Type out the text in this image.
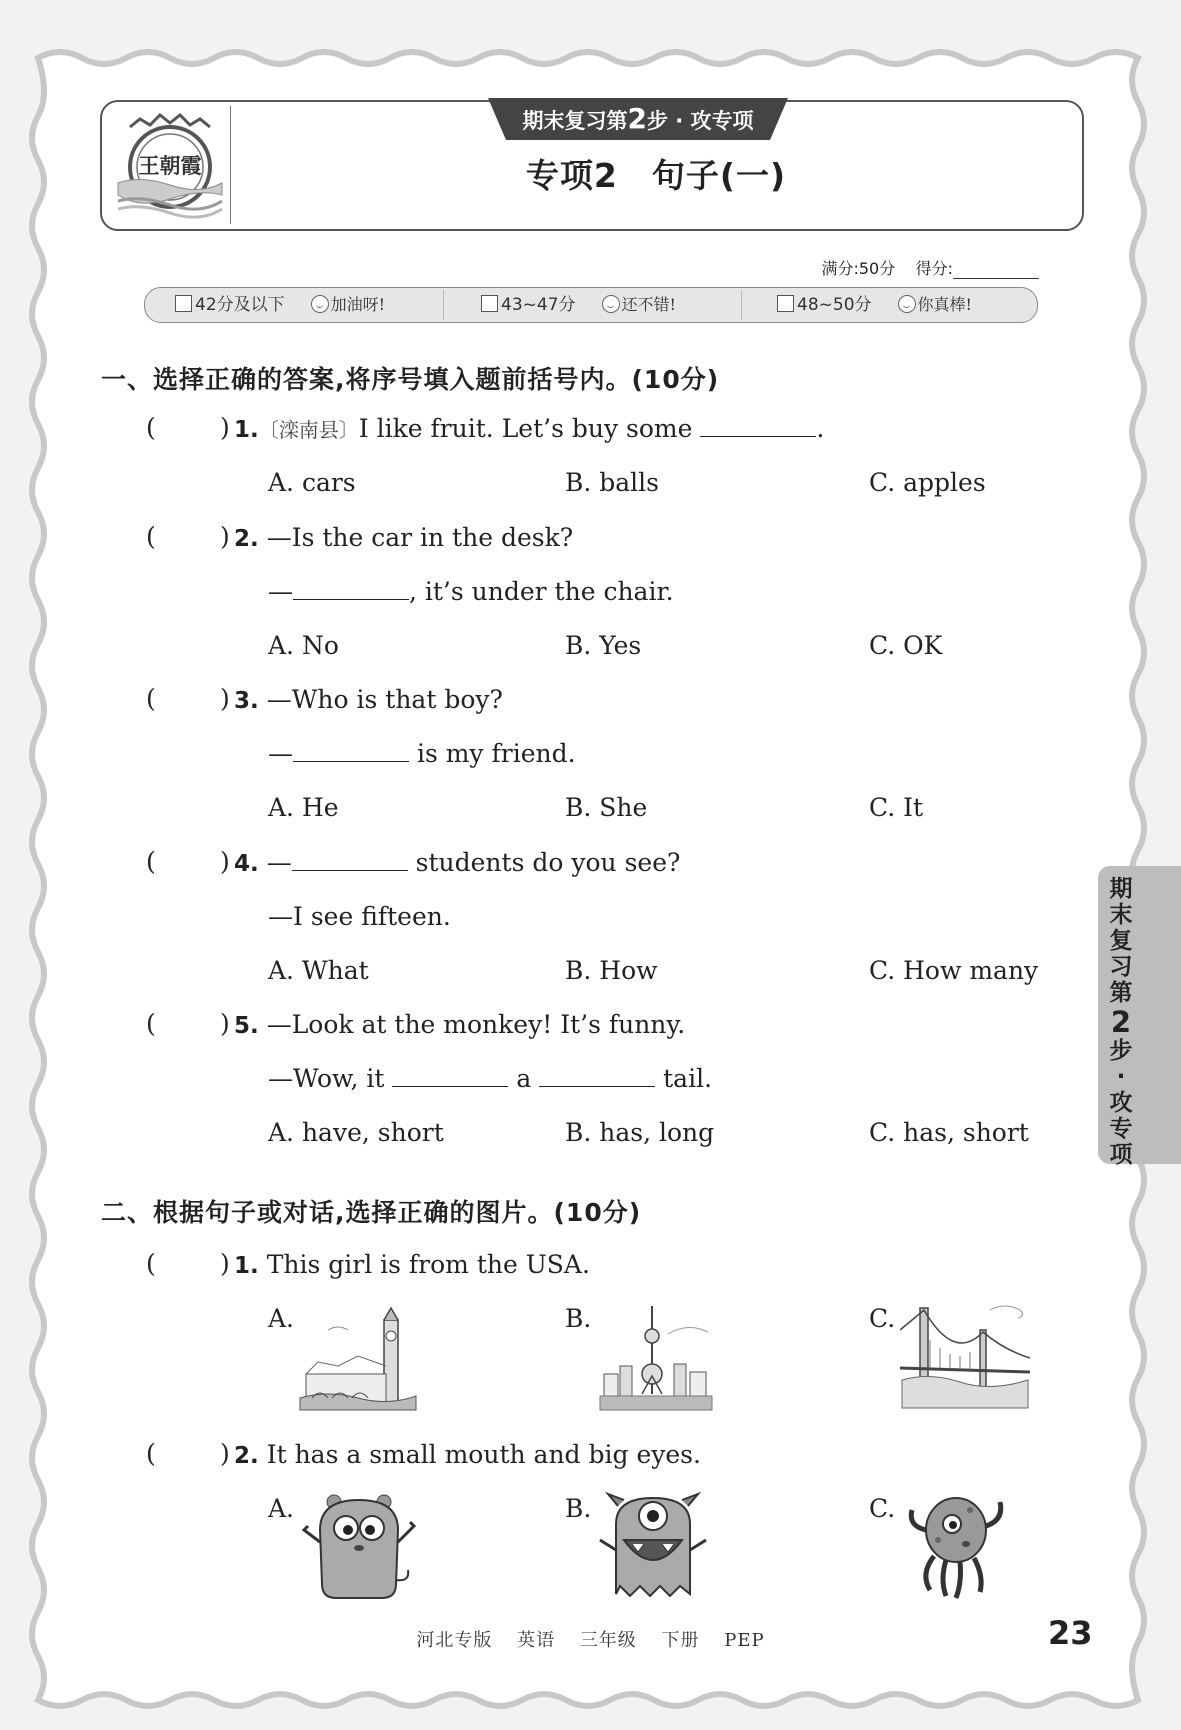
王朝霞
期末复习第2步 · 攻专项
专项2　句子(一)
满分:50分 得分:
42分及以下	加油呀!	43~47分	还不错!	48~50分	你真棒!
一、选择正确的答案,将序号填入题前括号内。(10分)
(	) 1.〔滦南县〕I like fruit. Let’s buy some	.
A. cars	B. balls	C. apples
(	) 2. —Is the car in the desk?
—	, it’s under the chair.
A. No	B. Yes	C. OK
(	) 3. —Who is that boy?
—	is my friend.
A. He	B. She	C. It
(	) 4. —	students do you see?
—I see fifteen.
A. What	B. How	C. How many
(	) 5. —Look at the monkey! It’s funny.
—Wow, it	a	tail.
A. have, short	B. has, long	C. has, short
二、根据句子或对话,选择正确的图片。(10分)
(	) 1. This girl is from the USA.
A.	B.	C.
(	) 2. It has a small mouth and big eyes.
A.	B.	C.
期
末
复
习
第
2
步
·
攻
专
项
河北专版 英语 三年级 下册 PEP	23
